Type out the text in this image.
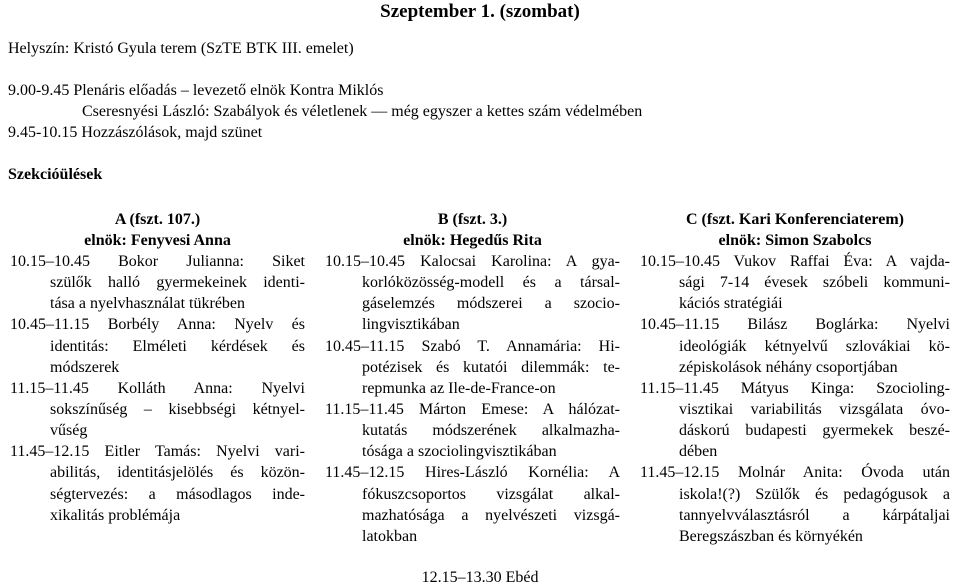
Szeptember 1. (szombat)
Helyszín: Kristó Gyula terem (SzTE BTK III. emelet)
9.00-9.45 Plenáris előadás – levezető elnök Kontra Miklós
Cseresnyési László: Szabályok és véletlenek — még egyszer a kettes szám védelmében
9.45-10.15 Hozzászólások, majd szünet
Szekcióülések
A (fszt. 107.)
elnök: Fenyvesi Anna
10.15–10.45 Bokor Julianna: Siket
szülők halló gyermekeinek identi-
tása a nyelvhasználat tükrében
10.45–11.15 Borbély Anna: Nyelv és
identitás: Elméleti kérdések és
módszerek
11.15–11.45 Kolláth Anna: Nyelvi
sokszínűség – kisebbségi kétnyel-
vűség
11.45–12.15 Eitler Tamás: Nyelvi vari-
abilitás, identitásjelölés és közön-
ségtervezés: a másodlagos inde-
xikalitás problémája
B (fszt. 3.)
elnök: Hegedűs Rita
10.15–10.45 Kalocsai Karolina: A gya-
korlóközösség-modell és a társal-
gáselemzés módszerei a szocio-
lingvisztikában
10.45–11.15 Szabó T. Annamária: Hi-
potézisek és kutatói dilemmák: te-
repmunka az Ile-de-France-on
11.15–11.45 Márton Emese: A hálózat-
kutatás módszerének alkalmazha-
tósága a szociolingvisztikában
11.45–12.15 Hires-László Kornélia: A
fókuszcsoportos vizsgálat alkal-
mazhatósága a nyelvészeti vizsgá-
latokban
C (fszt. Kari Konferenciaterem)
elnök: Simon Szabolcs
10.15–10.45 Vukov Raffai Éva: A vajda-
sági 7-14 évesek szóbeli kommuni-
kációs stratégiái
10.45–11.15 Bilász Boglárka: Nyelvi
ideológiák kétnyelvű szlovákiai kö-
zépiskolások néhány csoportjában
11.15–11.45 Mátyus Kinga: Szocioling-
visztikai variabilitás vizsgálata óvo-
dáskorú budapesti gyermekek beszé-
dében
11.45–12.15 Molnár Anita: Óvoda után
iskola!(?) Szülők és pedagógusok a
tannyelvválasztásról a kárpátaljai
Beregszászban és környékén
12.15–13.30 Ebéd
